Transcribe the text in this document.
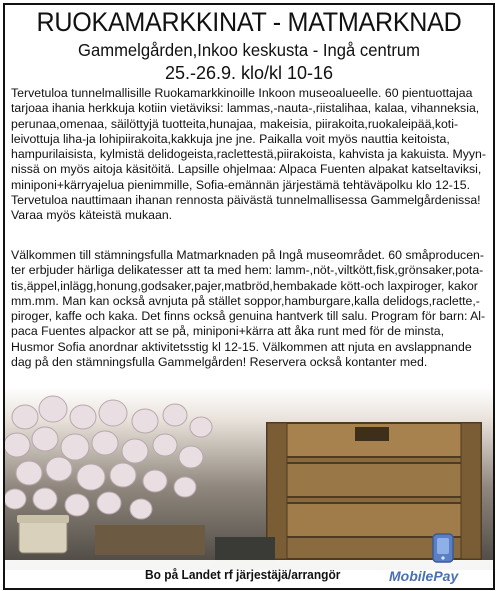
RUOKAMARKKINAT - MATMARKNAD
Gammelgården,Inkoo keskusta - Ingå centrum
25.-26.9. klo/kl 10-16

Tervetuloa tunnelmallisille Ruokamarkkinoille Inkoon museoalueelle. 60 pientuottajaa tarjoaa ihania herkkuja kotiin vietäviksi: lammas,-nauta-,riistalihaa, kalaa, vihanneksia, perunaa,omenaa, säilöttyjä tuotteita,hunajaa, makeisia, piirakoita,ruokaleipää,koti-leivottuja liha-ja lohipiirakoita,kakkuja jne jne. Paikalla voit myös nauttia keitoista, hampurilaisista, kylmistä delidogeista,raclettestä,piirakoista, kahvista ja kakuista. Myyn-nissä on myös aitoja käsitöitä. Lapsille ohjelmaa: Alpaca Fuenten alpakat katseltaviksi, miniponi+kärryajelua pienimmille, Sofia-emännän järjestämä tehtäväpolku klo 12-15. Tervetuloa nauttimaan ihanan rennosta päivästä tunnelmallisessa Gammelgårdenissa! Varaa myös käteistä mukaan.

Välkommen till stämningsfulla Matmarknaden på Ingå museområdet. 60 småproducen-ter erbjuder härliga delikatesser att ta med hem: lamm-,nöt-,viltkött,fisk,grönsaker,pota-tis,äppel,inlägg,honung,godsaker,pajer,matbröd,hembakade kött-och laxpiroger, kakor mm.mm. Man kan också avnjuta på stället soppor,hamburgare,kalla delidogs,raclette,-piroger, kaffe och kaka. Det finns också genuina hantverk till salu. Program för barn: Al-paca Fuentes alpackor att se på, miniponi+kärra att åka runt med för de minsta, Husmor Sofia anordnar aktivitetsstig kl 12-15. Välkommen att njuta en avslappnande dag på den stämningsfulla Gammelgården! Reservera också kontanter med.

Bo på Landet rf järjestäjä/arrangör	MobilePay
